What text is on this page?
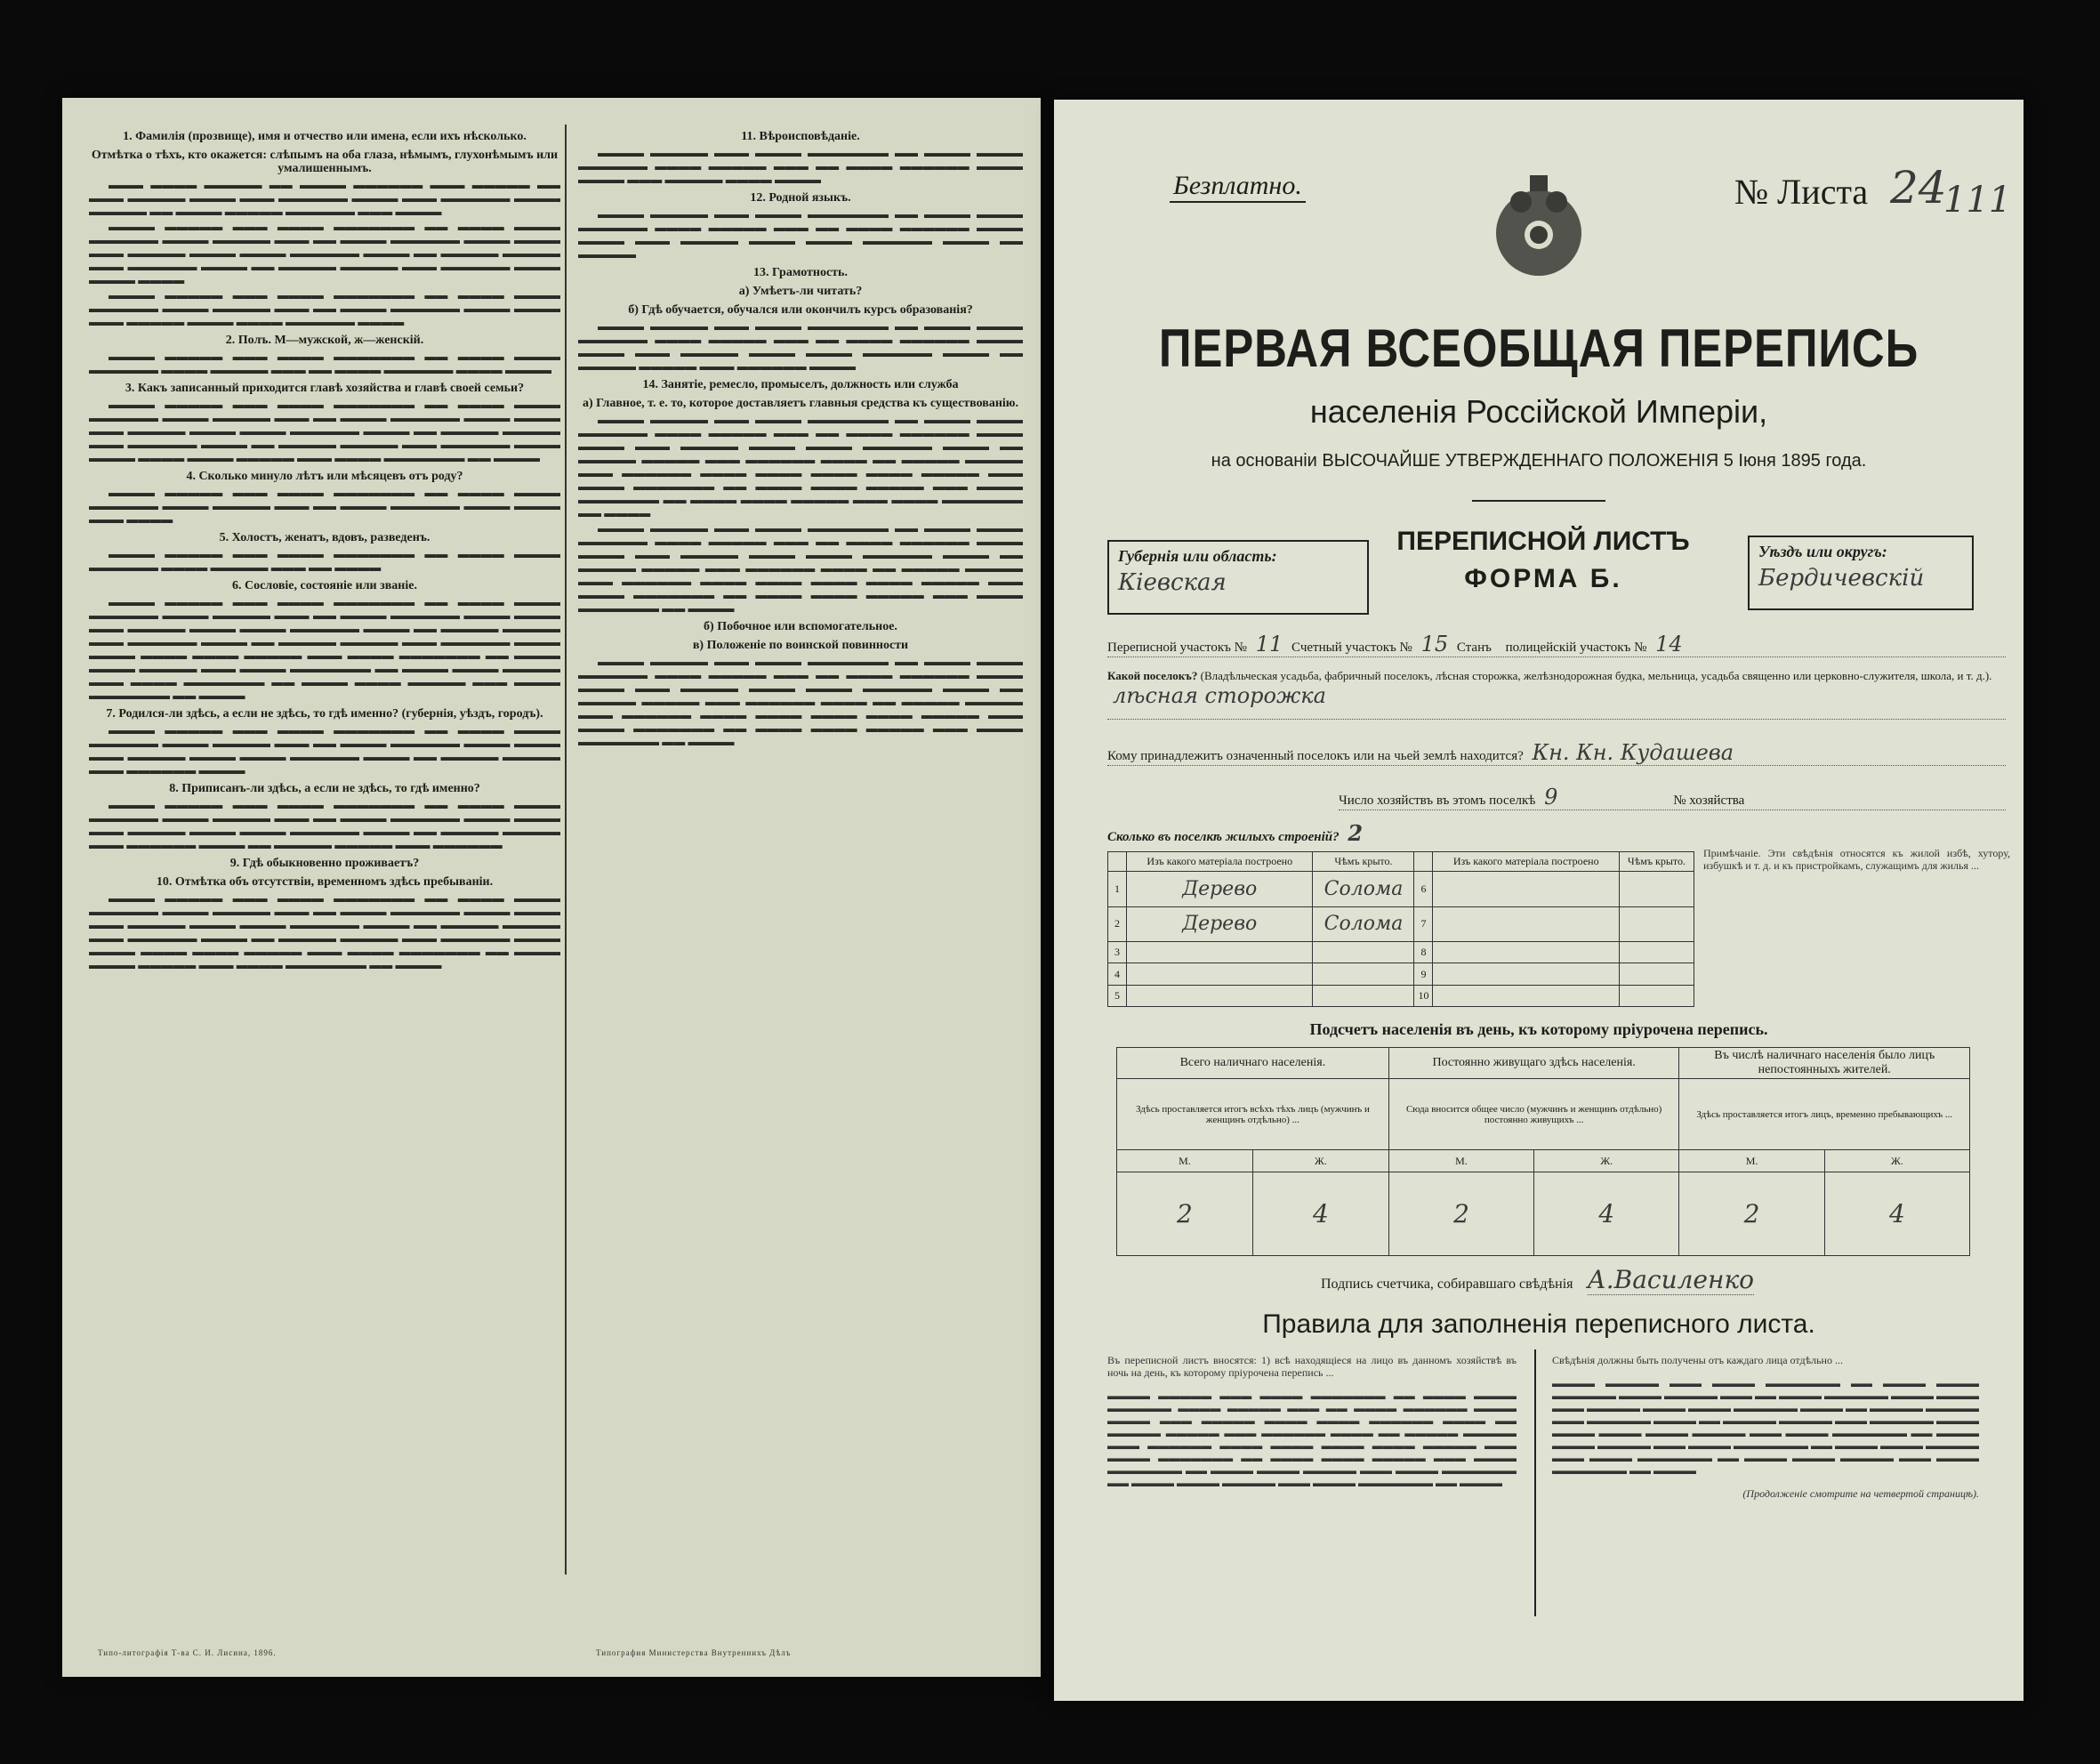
1. Фамилія (прозвище), имя и отчество или имена, если ихъ нѣсколько.
Отмѣтка о тѣхъ, кто окажется: слѣпымъ на оба глаза, нѣмымъ, глухонѣмымъ или умалишеннымъ.

▬▬▬ ▬▬▬▬ ▬▬▬▬▬ ▬▬ ▬▬▬▬ ▬▬▬▬▬▬ ▬▬▬ ▬▬▬▬▬ ▬▬ ▬▬▬ ▬▬▬▬▬ ▬▬▬▬ ▬▬▬ ▬▬▬▬▬▬ ▬▬▬▬ ▬▬▬ ▬▬▬▬▬▬ ▬▬▬▬ ▬▬▬▬▬ ▬▬ ▬▬▬▬ ▬▬▬▬▬ ▬▬▬▬▬▬ ▬▬▬ ▬▬▬▬

▬▬▬▬ ▬▬▬▬▬ ▬▬▬ ▬▬▬▬ ▬▬▬▬▬▬▬ ▬▬ ▬▬▬▬ ▬▬▬▬ ▬▬▬▬▬▬ ▬▬▬▬ ▬▬▬▬▬ ▬▬▬ ▬▬ ▬▬▬▬ ▬▬▬▬▬▬ ▬▬▬▬ ▬▬▬▬ ▬▬▬ ▬▬▬▬▬ ▬▬▬▬ ▬▬▬▬ ▬▬▬▬▬▬ ▬▬▬▬ ▬▬ ▬▬▬▬▬ ▬▬▬▬▬ ▬▬▬ ▬▬▬▬▬▬ ▬▬▬▬ ▬▬ ▬▬▬▬▬ ▬▬▬▬▬ ▬▬▬ ▬▬▬▬▬▬ ▬▬▬▬ ▬▬▬▬ ▬▬▬▬

▬▬▬▬ ▬▬▬▬▬ ▬▬▬ ▬▬▬▬ ▬▬▬▬▬▬▬ ▬▬ ▬▬▬▬ ▬▬▬▬ ▬▬▬▬▬▬ ▬▬▬▬ ▬▬▬▬▬ ▬▬▬ ▬▬ ▬▬▬▬ ▬▬▬▬▬▬ ▬▬▬▬ ▬▬▬▬ ▬▬▬ ▬▬▬▬▬ ▬▬▬▬ ▬▬▬▬ ▬▬▬▬▬▬ ▬▬▬▬

2. Полъ. М—мужской, ж—женскій.

▬▬▬▬ ▬▬▬▬▬ ▬▬▬ ▬▬▬▬ ▬▬▬▬▬▬▬ ▬▬ ▬▬▬▬ ▬▬▬▬ ▬▬▬▬▬▬ ▬▬▬▬ ▬▬▬▬▬ ▬▬▬ ▬▬ ▬▬▬▬ ▬▬▬▬▬▬ ▬▬▬▬ ▬▬▬▬

3. Какъ записанный приходится главѣ хозяйства и главѣ своей семьи?

▬▬▬▬ ▬▬▬▬▬ ▬▬▬ ▬▬▬▬ ▬▬▬▬▬▬▬ ▬▬ ▬▬▬▬ ▬▬▬▬ ▬▬▬▬▬▬ ▬▬▬▬ ▬▬▬▬▬ ▬▬▬ ▬▬ ▬▬▬▬ ▬▬▬▬▬▬ ▬▬▬▬ ▬▬▬▬ ▬▬▬ ▬▬▬▬▬ ▬▬▬▬ ▬▬▬▬ ▬▬▬▬▬▬ ▬▬▬▬ ▬▬ ▬▬▬▬▬ ▬▬▬▬▬ ▬▬▬ ▬▬▬▬▬▬ ▬▬▬▬ ▬▬ ▬▬▬▬▬ ▬▬▬▬▬ ▬▬▬ ▬▬▬▬▬▬ ▬▬▬▬ ▬▬▬▬ ▬▬▬▬ ▬▬▬▬ ▬▬▬▬▬ ▬▬▬ ▬▬▬▬ ▬▬▬▬▬▬▬ ▬▬ ▬▬▬▬

4. Сколько минуло лѣтъ или мѣсяцевъ отъ роду?

▬▬▬▬ ▬▬▬▬▬ ▬▬▬ ▬▬▬▬ ▬▬▬▬▬▬▬ ▬▬ ▬▬▬▬ ▬▬▬▬ ▬▬▬▬▬▬ ▬▬▬▬ ▬▬▬▬▬ ▬▬▬ ▬▬ ▬▬▬▬ ▬▬▬▬▬▬ ▬▬▬▬ ▬▬▬▬ ▬▬▬ ▬▬▬▬

5. Холостъ, женатъ, вдовъ, разведенъ.

▬▬▬▬ ▬▬▬▬▬ ▬▬▬ ▬▬▬▬ ▬▬▬▬▬▬▬ ▬▬ ▬▬▬▬ ▬▬▬▬ ▬▬▬▬▬▬ ▬▬▬▬ ▬▬▬▬▬ ▬▬▬ ▬▬ ▬▬▬▬

6. Сословіе, состояніе или званіе.

▬▬▬▬ ▬▬▬▬▬ ▬▬▬ ▬▬▬▬ ▬▬▬▬▬▬▬ ▬▬ ▬▬▬▬ ▬▬▬▬ ▬▬▬▬▬▬ ▬▬▬▬ ▬▬▬▬▬ ▬▬▬ ▬▬ ▬▬▬▬ ▬▬▬▬▬▬ ▬▬▬▬ ▬▬▬▬ ▬▬▬ ▬▬▬▬▬ ▬▬▬▬ ▬▬▬▬ ▬▬▬▬▬▬ ▬▬▬▬ ▬▬ ▬▬▬▬▬ ▬▬▬▬▬ ▬▬▬ ▬▬▬▬▬▬ ▬▬▬▬ ▬▬ ▬▬▬▬▬ ▬▬▬▬▬ ▬▬▬ ▬▬▬▬▬▬ ▬▬▬▬ ▬▬▬▬ ▬▬▬▬ ▬▬▬▬ ▬▬▬▬▬ ▬▬▬ ▬▬▬▬ ▬▬▬▬▬▬▬ ▬▬ ▬▬▬▬ ▬▬▬▬ ▬▬▬▬▬ ▬▬▬ ▬▬▬▬ ▬▬▬▬▬▬▬ ▬▬ ▬▬▬▬ ▬▬▬▬ ▬▬▬▬▬ ▬▬▬ ▬▬▬▬ ▬▬▬▬▬▬▬ ▬▬ ▬▬▬▬ ▬▬▬▬ ▬▬▬▬▬ ▬▬▬ ▬▬▬▬ ▬▬▬▬▬▬▬ ▬▬ ▬▬▬▬

7. Родился-ли здѣсь, а если не здѣсь, то гдѣ именно? (губернія, уѣздъ, городъ).

▬▬▬▬ ▬▬▬▬▬ ▬▬▬ ▬▬▬▬ ▬▬▬▬▬▬▬ ▬▬ ▬▬▬▬ ▬▬▬▬ ▬▬▬▬▬▬ ▬▬▬▬ ▬▬▬▬▬ ▬▬▬ ▬▬ ▬▬▬▬ ▬▬▬▬▬▬ ▬▬▬▬ ▬▬▬▬ ▬▬▬ ▬▬▬▬▬ ▬▬▬▬ ▬▬▬▬ ▬▬▬▬▬▬ ▬▬▬▬ ▬▬ ▬▬▬▬▬ ▬▬▬▬▬ ▬▬▬ ▬▬▬▬▬▬ ▬▬▬▬

8. Приписанъ-ли здѣсь, а если не здѣсь, то гдѣ именно?

▬▬▬▬ ▬▬▬▬▬ ▬▬▬ ▬▬▬▬ ▬▬▬▬▬▬▬ ▬▬ ▬▬▬▬ ▬▬▬▬ ▬▬▬▬▬▬ ▬▬▬▬ ▬▬▬▬▬ ▬▬▬ ▬▬ ▬▬▬▬ ▬▬▬▬▬▬ ▬▬▬▬ ▬▬▬▬ ▬▬▬ ▬▬▬▬▬ ▬▬▬▬ ▬▬▬▬ ▬▬▬▬▬▬ ▬▬▬▬ ▬▬ ▬▬▬▬▬ ▬▬▬▬▬ ▬▬▬ ▬▬▬▬▬▬ ▬▬▬▬ ▬▬ ▬▬▬▬▬ ▬▬▬▬▬ ▬▬▬ ▬▬▬▬▬▬

9. Гдѣ обыкновенно проживаетъ?
10. Отмѣтка объ отсутствіи, временномъ здѣсь пребываніи.

▬▬▬▬ ▬▬▬▬▬ ▬▬▬ ▬▬▬▬ ▬▬▬▬▬▬▬ ▬▬ ▬▬▬▬ ▬▬▬▬ ▬▬▬▬▬▬ ▬▬▬▬ ▬▬▬▬▬ ▬▬▬ ▬▬ ▬▬▬▬ ▬▬▬▬▬▬ ▬▬▬▬ ▬▬▬▬ ▬▬▬ ▬▬▬▬▬ ▬▬▬▬ ▬▬▬▬ ▬▬▬▬▬▬ ▬▬▬▬ ▬▬ ▬▬▬▬▬ ▬▬▬▬▬ ▬▬▬ ▬▬▬▬▬▬ ▬▬▬▬ ▬▬ ▬▬▬▬▬ ▬▬▬▬▬ ▬▬▬ ▬▬▬▬▬▬ ▬▬▬▬ ▬▬▬▬ ▬▬▬▬ ▬▬▬▬ ▬▬▬▬▬ ▬▬▬ ▬▬▬▬ ▬▬▬▬▬▬▬ ▬▬ ▬▬▬▬ ▬▬▬▬ ▬▬▬▬▬ ▬▬▬ ▬▬▬▬ ▬▬▬▬▬▬▬ ▬▬ ▬▬▬▬

11. Вѣроисповѣданіе.

▬▬▬▬ ▬▬▬▬▬ ▬▬▬ ▬▬▬▬ ▬▬▬▬▬▬▬ ▬▬ ▬▬▬▬ ▬▬▬▬ ▬▬▬▬▬▬ ▬▬▬▬ ▬▬▬▬▬ ▬▬▬ ▬▬ ▬▬▬▬ ▬▬▬▬▬▬ ▬▬▬▬ ▬▬▬▬ ▬▬▬ ▬▬▬▬▬ ▬▬▬▬ ▬▬▬▬

12. Родной языкъ.

▬▬▬▬ ▬▬▬▬▬ ▬▬▬ ▬▬▬▬ ▬▬▬▬▬▬▬ ▬▬ ▬▬▬▬ ▬▬▬▬ ▬▬▬▬▬▬ ▬▬▬▬ ▬▬▬▬▬ ▬▬▬ ▬▬ ▬▬▬▬ ▬▬▬▬▬▬ ▬▬▬▬ ▬▬▬▬ ▬▬▬ ▬▬▬▬▬ ▬▬▬▬ ▬▬▬▬ ▬▬▬▬▬▬ ▬▬▬▬ ▬▬ ▬▬▬▬▬

13. Грамотность.
а) Умѣетъ-ли читать?
б) Гдѣ обучается, обучался или окончилъ курсъ образованія?

▬▬▬▬ ▬▬▬▬▬ ▬▬▬ ▬▬▬▬ ▬▬▬▬▬▬▬ ▬▬ ▬▬▬▬ ▬▬▬▬ ▬▬▬▬▬▬ ▬▬▬▬ ▬▬▬▬▬ ▬▬▬ ▬▬ ▬▬▬▬ ▬▬▬▬▬▬ ▬▬▬▬ ▬▬▬▬ ▬▬▬ ▬▬▬▬▬ ▬▬▬▬ ▬▬▬▬ ▬▬▬▬▬▬ ▬▬▬▬ ▬▬ ▬▬▬▬▬ ▬▬▬▬▬ ▬▬▬ ▬▬▬▬▬▬ ▬▬▬▬

14. Занятіе, ремесло, промыселъ, должность или служба
а) Главное, т. е. то, которое доставляетъ главныя средства къ существованію.

▬▬▬▬ ▬▬▬▬▬ ▬▬▬ ▬▬▬▬ ▬▬▬▬▬▬▬ ▬▬ ▬▬▬▬ ▬▬▬▬ ▬▬▬▬▬▬ ▬▬▬▬ ▬▬▬▬▬ ▬▬▬ ▬▬ ▬▬▬▬ ▬▬▬▬▬▬ ▬▬▬▬ ▬▬▬▬ ▬▬▬ ▬▬▬▬▬ ▬▬▬▬ ▬▬▬▬ ▬▬▬▬▬▬ ▬▬▬▬ ▬▬ ▬▬▬▬▬ ▬▬▬▬▬ ▬▬▬ ▬▬▬▬▬▬ ▬▬▬▬ ▬▬ ▬▬▬▬▬ ▬▬▬▬▬ ▬▬▬ ▬▬▬▬▬▬ ▬▬▬▬ ▬▬▬▬ ▬▬▬▬ ▬▬▬▬ ▬▬▬▬▬ ▬▬▬ ▬▬▬▬ ▬▬▬▬▬▬▬ ▬▬ ▬▬▬▬ ▬▬▬▬ ▬▬▬▬▬ ▬▬▬ ▬▬▬▬ ▬▬▬▬▬▬▬ ▬▬ ▬▬▬▬ ▬▬▬▬ ▬▬▬▬▬ ▬▬▬ ▬▬▬▬ ▬▬▬▬▬▬▬ ▬▬ ▬▬▬▬

▬▬▬▬ ▬▬▬▬▬ ▬▬▬ ▬▬▬▬ ▬▬▬▬▬▬▬ ▬▬ ▬▬▬▬ ▬▬▬▬ ▬▬▬▬▬▬ ▬▬▬▬ ▬▬▬▬▬ ▬▬▬ ▬▬ ▬▬▬▬ ▬▬▬▬▬▬ ▬▬▬▬ ▬▬▬▬ ▬▬▬ ▬▬▬▬▬ ▬▬▬▬ ▬▬▬▬ ▬▬▬▬▬▬ ▬▬▬▬ ▬▬ ▬▬▬▬▬ ▬▬▬▬▬ ▬▬▬ ▬▬▬▬▬▬ ▬▬▬▬ ▬▬ ▬▬▬▬▬ ▬▬▬▬▬ ▬▬▬ ▬▬▬▬▬▬ ▬▬▬▬ ▬▬▬▬ ▬▬▬▬ ▬▬▬▬ ▬▬▬▬▬ ▬▬▬ ▬▬▬▬ ▬▬▬▬▬▬▬ ▬▬ ▬▬▬▬ ▬▬▬▬ ▬▬▬▬▬ ▬▬▬ ▬▬▬▬ ▬▬▬▬▬▬▬ ▬▬ ▬▬▬▬

б) Побочное или вспомогательное.
в) Положеніе по воинской повинности

▬▬▬▬ ▬▬▬▬▬ ▬▬▬ ▬▬▬▬ ▬▬▬▬▬▬▬ ▬▬ ▬▬▬▬ ▬▬▬▬ ▬▬▬▬▬▬ ▬▬▬▬ ▬▬▬▬▬ ▬▬▬ ▬▬ ▬▬▬▬ ▬▬▬▬▬▬ ▬▬▬▬ ▬▬▬▬ ▬▬▬ ▬▬▬▬▬ ▬▬▬▬ ▬▬▬▬ ▬▬▬▬▬▬ ▬▬▬▬ ▬▬ ▬▬▬▬▬ ▬▬▬▬▬ ▬▬▬ ▬▬▬▬▬▬ ▬▬▬▬ ▬▬ ▬▬▬▬▬ ▬▬▬▬▬ ▬▬▬ ▬▬▬▬▬▬ ▬▬▬▬ ▬▬▬▬ ▬▬▬▬ ▬▬▬▬ ▬▬▬▬▬ ▬▬▬ ▬▬▬▬ ▬▬▬▬▬▬▬ ▬▬ ▬▬▬▬ ▬▬▬▬ ▬▬▬▬▬ ▬▬▬ ▬▬▬▬ ▬▬▬▬▬▬▬ ▬▬ ▬▬▬▬

Типо-литографія Т-ва С. И. Лисина, 1896.	Типография Министерства Внутреннихъ Дѣлъ
Безплатно.	№ Листа 24
111
ПЕРВАЯ ВСЕОБЩАЯ ПЕРЕПИСЬ
населенія Россійской Имперіи,
на основаніи ВЫСОЧАЙШЕ УТВЕРЖДЕННАГО ПОЛОЖЕНІЯ 5 Іюня 1895 года.
Губернія или область:
Кіевская
ПЕРЕПИСНОЙ ЛИСТЪ
ФОРМА Б.
Уѣздъ или округъ:
Бердичевскій
Переписной участокъ № 11 Счетный участокъ № 15 Станъ полицейскій участокъ № 14
Какой поселокъ? (Владѣльческая усадьба, фабричный поселокъ, лѣсная сторожка, желѣзнодорожная будка, мельница, усадьба священно или церковно-служителя, школа, и т. д.). лѣсная сторожка
Кому принадлежитъ означенный поселокъ или на чьей землѣ находится? Кн. Кн. Кудашева
Число хозяйствъ въ этомъ поселкѣ 9	№ хозяйства
Сколько въ поселкѣ жилыхъ строеній? 2
	Изъ какого матеріала построено	Чѣмъ крыто.		Изъ какого матеріала построено	Чѣмъ крыто.
1	Дерево	Солома	6		
2	Дерево	Солома	7		
3			8		
4			9		
5			10		
Примѣчаніе. Эти свѣдѣнія относятся къ жилой избѣ, хутору, избушкѣ и т. д. и къ пристройкамъ, служащимъ для жилья ...
Подсчетъ населенія въ день, къ которому пріурочена перепись.
Всего наличнаго населенія.		Постоянно живущаго здѣсь населенія.		Въ числѣ наличнаго населенія было лицъ непостоянныхъ жителей.	
Здѣсь проставляется итогъ всѣхъ тѣхъ лицъ (мужчинъ и женщинъ отдѣльно) ...		Сюда вносится общее число (мужчинъ и женщинъ отдѣльно) постоянно живущихъ ...		Здѣсь проставляется итогъ лицъ, временно пребывающихъ ...	
М.	Ж.	М.	Ж.	М.	Ж.
2	4	2	4	2	4
Подпись счетчика, собиравшаго свѣдѣнія А.Василенко
Правила для заполненія переписного листа.
Въ переписной листъ вносятся: 1) всѣ находящіеся на лицо въ данномъ хозяйствѣ въ ночь на день, къ которому пріурочена перепись ...

▬▬▬▬ ▬▬▬▬▬ ▬▬▬ ▬▬▬▬ ▬▬▬▬▬▬▬ ▬▬ ▬▬▬▬ ▬▬▬▬ ▬▬▬▬▬▬ ▬▬▬▬ ▬▬▬▬▬ ▬▬▬ ▬▬ ▬▬▬▬ ▬▬▬▬▬▬ ▬▬▬▬ ▬▬▬▬ ▬▬▬ ▬▬▬▬▬ ▬▬▬▬ ▬▬▬▬ ▬▬▬▬▬▬ ▬▬▬▬ ▬▬ ▬▬▬▬▬ ▬▬▬▬▬ ▬▬▬ ▬▬▬▬▬▬ ▬▬▬▬ ▬▬ ▬▬▬▬▬ ▬▬▬▬▬ ▬▬▬ ▬▬▬▬▬▬ ▬▬▬▬ ▬▬▬▬ ▬▬▬▬ ▬▬▬▬ ▬▬▬▬▬ ▬▬▬ ▬▬▬▬ ▬▬▬▬▬▬▬ ▬▬ ▬▬▬▬ ▬▬▬▬ ▬▬▬▬▬ ▬▬▬ ▬▬▬▬ ▬▬▬▬▬▬▬ ▬▬ ▬▬▬▬ ▬▬▬▬ ▬▬▬▬▬ ▬▬▬ ▬▬▬▬ ▬▬▬▬▬▬▬ ▬▬ ▬▬▬▬ ▬▬▬▬ ▬▬▬▬▬ ▬▬▬ ▬▬▬▬ ▬▬▬▬▬▬▬ ▬▬ ▬▬▬▬

Свѣдѣнія должны быть получены отъ каждаго лица отдѣльно ...

▬▬▬▬ ▬▬▬▬▬ ▬▬▬ ▬▬▬▬ ▬▬▬▬▬▬▬ ▬▬ ▬▬▬▬ ▬▬▬▬ ▬▬▬▬▬▬ ▬▬▬▬ ▬▬▬▬▬ ▬▬▬ ▬▬ ▬▬▬▬ ▬▬▬▬▬▬ ▬▬▬▬ ▬▬▬▬ ▬▬▬ ▬▬▬▬▬ ▬▬▬▬ ▬▬▬▬ ▬▬▬▬▬▬ ▬▬▬▬ ▬▬ ▬▬▬▬▬ ▬▬▬▬▬ ▬▬▬ ▬▬▬▬▬▬ ▬▬▬▬ ▬▬ ▬▬▬▬▬ ▬▬▬▬▬ ▬▬▬ ▬▬▬▬▬▬ ▬▬▬▬ ▬▬▬▬ ▬▬▬▬ ▬▬▬▬ ▬▬▬▬▬ ▬▬▬ ▬▬▬▬ ▬▬▬▬▬▬▬ ▬▬ ▬▬▬▬ ▬▬▬▬ ▬▬▬▬▬ ▬▬▬ ▬▬▬▬ ▬▬▬▬▬▬▬ ▬▬ ▬▬▬▬ ▬▬▬▬ ▬▬▬▬▬ ▬▬▬ ▬▬▬▬ ▬▬▬▬▬▬▬ ▬▬ ▬▬▬▬ ▬▬▬▬ ▬▬▬▬▬ ▬▬▬ ▬▬▬▬ ▬▬▬▬▬▬▬ ▬▬ ▬▬▬▬

(Продолженіе смотрите на четвертой страницѣ).
